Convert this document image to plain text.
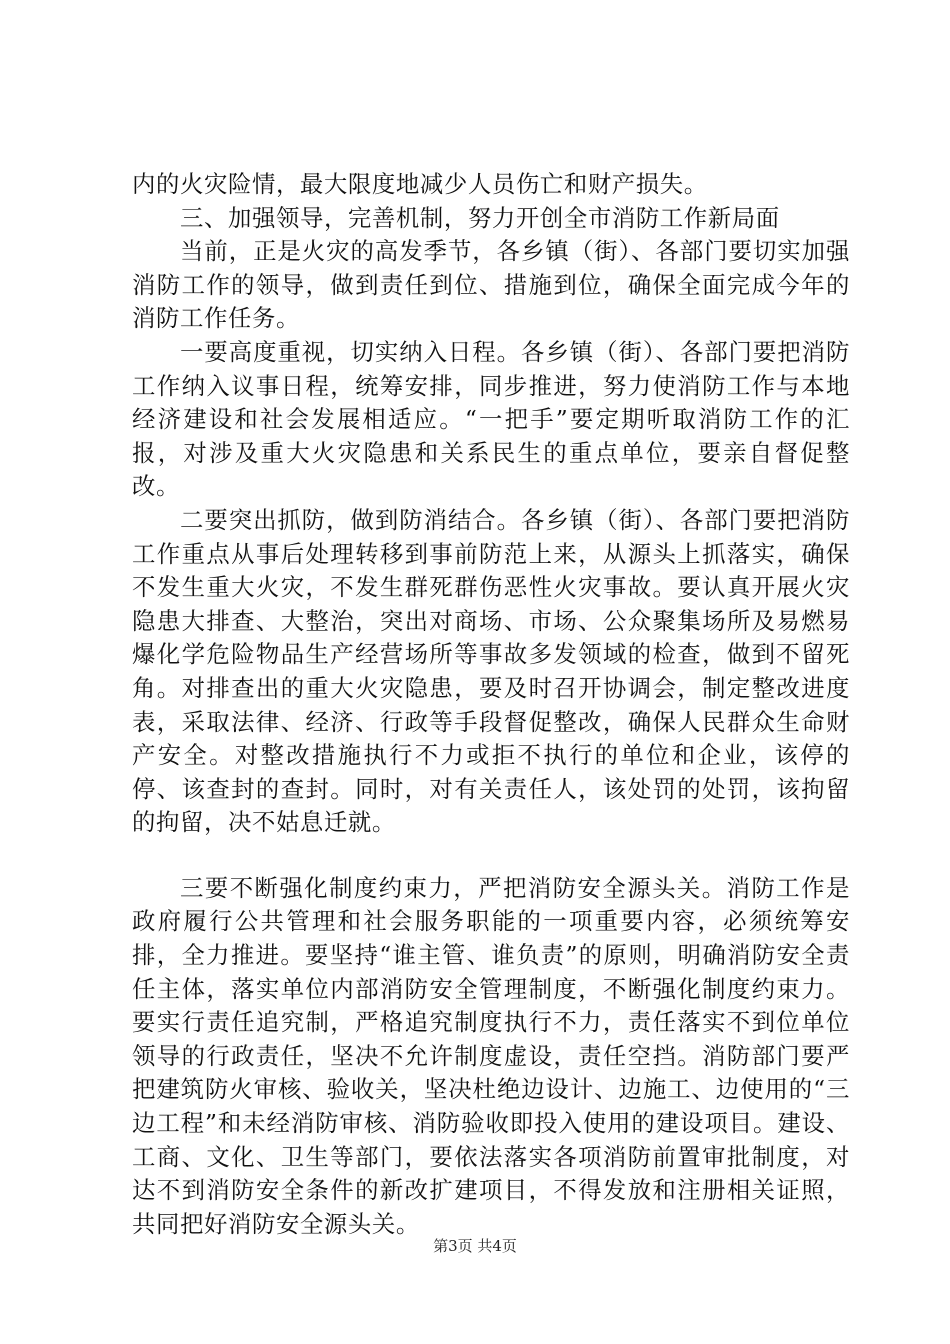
内的火灾险情，最大限度地减少人员伤亡和财产损失。

三、加强领导，完善机制，努力开创全市消防工作新局面

当前，正是火灾的高发季节，各乡镇（街）、各部门要切实加强消防工作的领导，做到责任到位、措施到位，确保全面完成今年的消防工作任务。

一要高度重视，切实纳入日程。各乡镇（街）、各部门要把消防工作纳入议事日程，统筹安排，同步推进，努力使消防工作与本地经济建设和社会发展相适应。“一把手”要定期听取消防工作的汇报，对涉及重大火灾隐患和关系民生的重点单位，要亲自督促整改。

二要突出抓防，做到防消结合。各乡镇（街）、各部门要把消防工作重点从事后处理转移到事前防范上来，从源头上抓落实，确保不发生重大火灾，不发生群死群伤恶性火灾事故。要认真开展火灾隐患大排查、大整治，突出对商场、市场、公众聚集场所及易燃易爆化学危险物品生产经营场所等事故多发领域的检查，做到不留死角。对排查出的重大火灾隐患，要及时召开协调会，制定整改进度表，采取法律、经济、行政等手段督促整改，确保人民群众生命财产安全。对整改措施执行不力或拒不执行的单位和企业，该停的停、该查封的查封。同时，对有关责任人，该处罚的处罚，该拘留的拘留，决不姑息迁就。

三要不断强化制度约束力，严把消防安全源头关。消防工作是政府履行公共管理和社会服务职能的一项重要内容，必须统筹安排，全力推进。要坚持“谁主管、谁负责”的原则，明确消防安全责任主体，落实单位内部消防安全管理制度，不断强化制度约束力。要实行责任追究制，严格追究制度执行不力，责任落实不到位单位领导的行政责任，坚决不允许制度虚设，责任空挡。消防部门要严把建筑防火审核、验收关，坚决杜绝边设计、边施工、边使用的“三边工程”和未经消防审核、消防验收即投入使用的建设项目。建设、工商、文化、卫生等部门，要依法落实各项消防前置审批制度，对达不到消防安全条件的新改扩建项目，不得发放和注册相关证照，共同把好消防安全源头关。

第3页 共4页
